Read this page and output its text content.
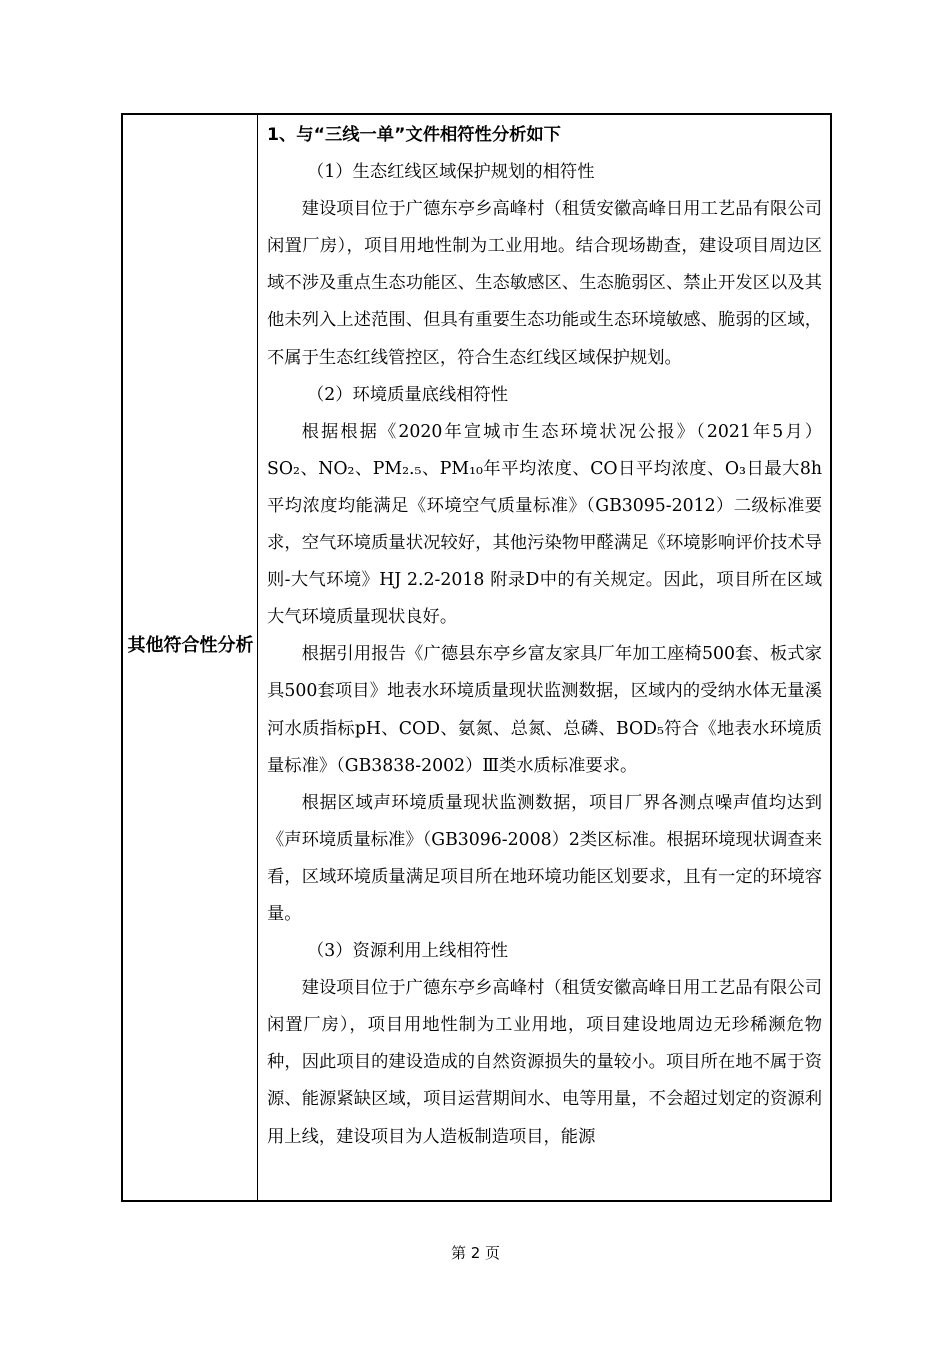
其他符合性分析

1、与“三线一单”文件相符性分析如下

（1）生态红线区域保护规划的相符性

建设项目位于广德东亭乡高峰村（租赁安徽高峰日用工艺品有限公司闲置厂房），项目用地性制为工业用地。结合现场勘查，建设项目周边区域不涉及重点生态功能区、生态敏感区、生态脆弱区、禁止开发区以及其他未列入上述范围、但具有重要生态功能或生态环境敏感、脆弱的区域，不属于生态红线管控区，符合生态红线区域保护规划。

（2）环境质量底线相符性

根据根据《2020年宣城市生态环境状况公报》（2021年5月）SO₂、NO₂、PM₂.₅、PM₁₀年平均浓度、CO日平均浓度、O₃日最大8h平均浓度均能满足《环境空气质量标准》（GB3095-2012）二级标准要求，空气环境质量状况较好，其他污染物甲醛满足《环境影响评价技术导则-大气环境》HJ 2.2-2018 附录D中的有关规定。因此，项目所在区域大气环境质量现状良好。

根据引用报告《广德县东亭乡富友家具厂年加工座椅500套、板式家具500套项目》地表水环境质量现状监测数据，区域内的受纳水体无量溪河水质指标pH、COD、氨氮、总氮、总磷、BOD₅符合《地表水环境质量标准》（GB3838-2002）Ⅲ类水质标准要求。

根据区域声环境质量现状监测数据，项目厂界各测点噪声值均达到《声环境质量标准》（GB3096-2008）2类区标准。根据环境现状调查来看，区域环境质量满足项目所在地环境功能区划要求，且有一定的环境容量。

（3）资源利用上线相符性

建设项目位于广德东亭乡高峰村（租赁安徽高峰日用工艺品有限公司闲置厂房），项目用地性制为工业用地，项目建设地周边无珍稀濒危物种，因此项目的建设造成的自然资源损失的量较小。项目所在地不属于资源、能源紧缺区域，项目运营期间水、电等用量，不会超过划定的资源利用上线，建设项目为人造板制造项目，能源

第 2 页
